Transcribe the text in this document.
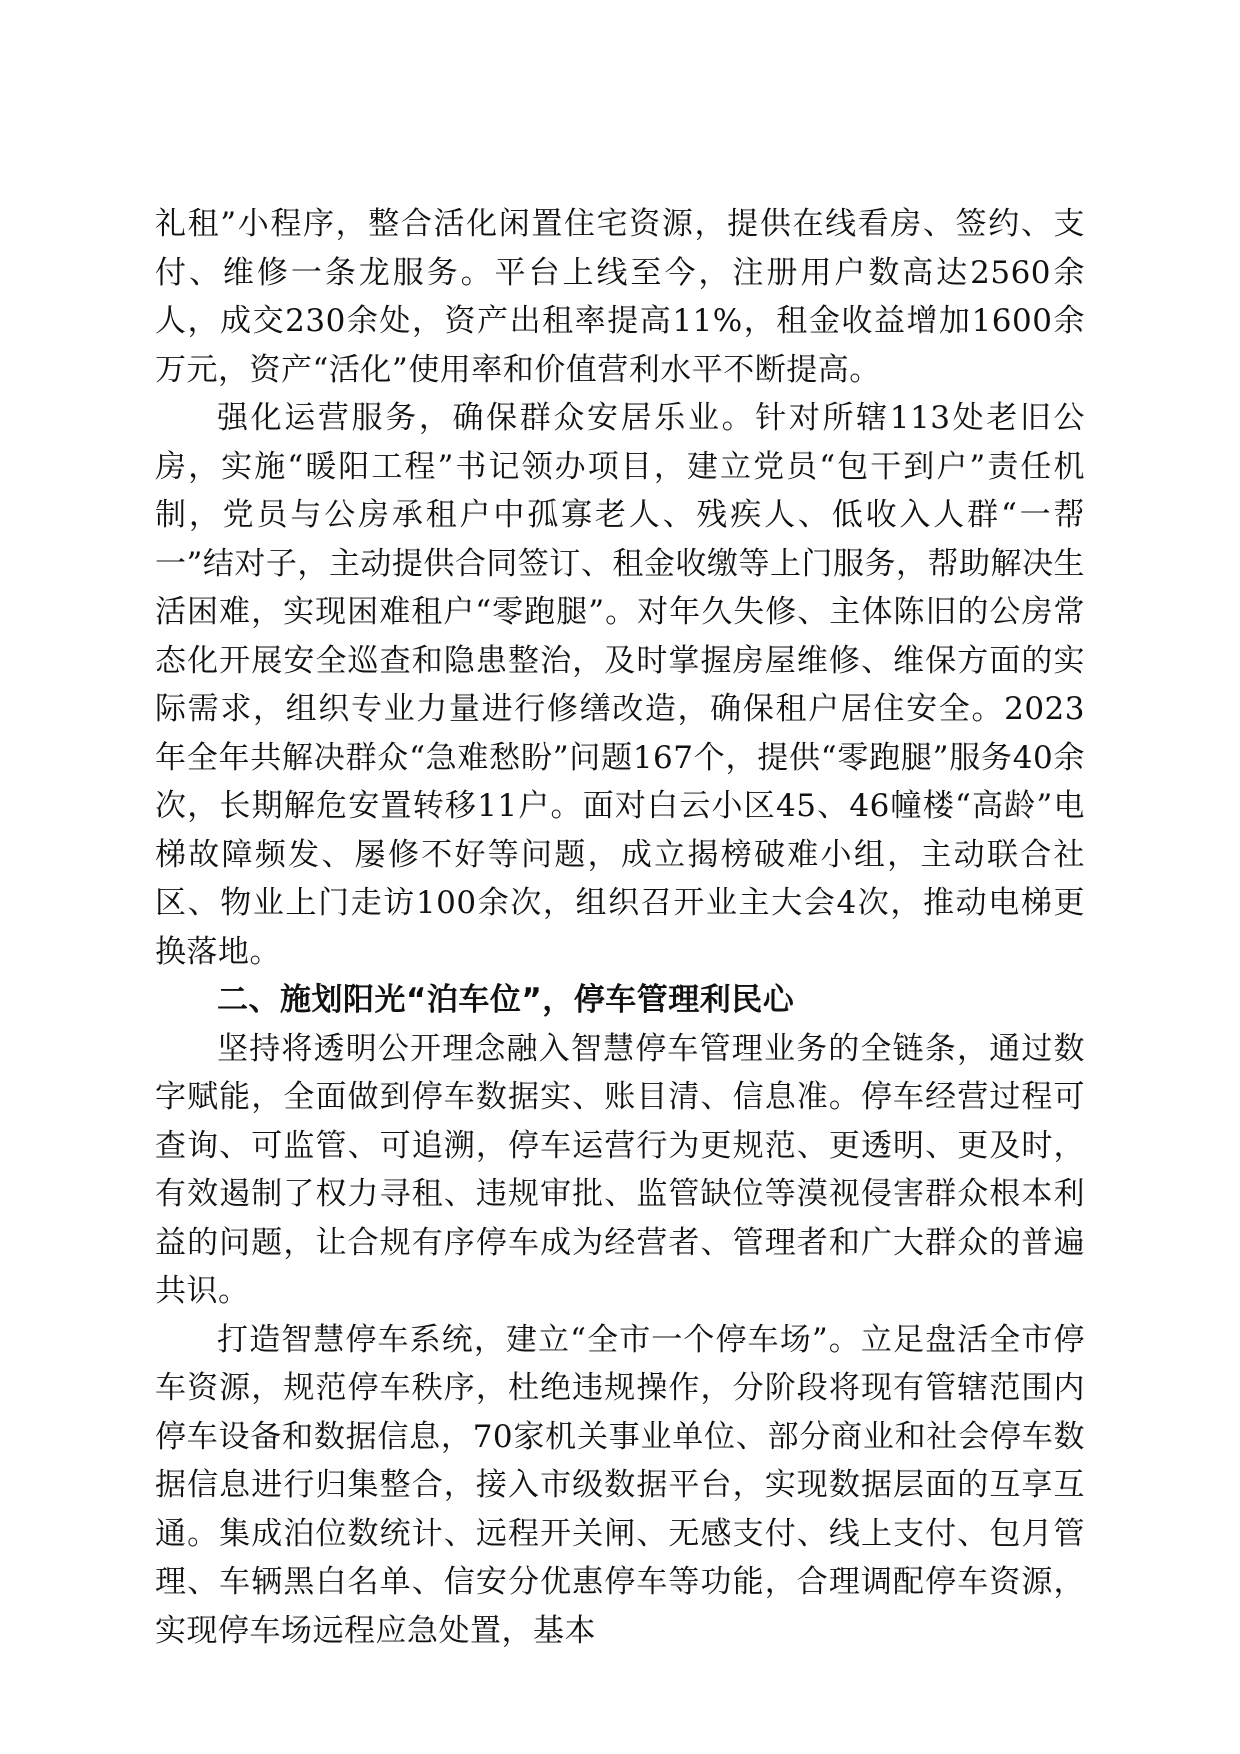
礼租”小程序，整合活化闲置住宅资源，提供在线看房、签约、支付、维修一条龙服务。平台上线至今，注册用户数高达2560余人，成交230余处，资产出租率提高11%，租金收益增加1600余万元，资产“活化”使用率和价值营利水平不断提高。

强化运营服务，确保群众安居乐业。针对所辖113处老旧公房，实施“暖阳工程”书记领办项目，建立党员“包干到户”责任机制，党员与公房承租户中孤寡老人、残疾人、低收入人群“一帮一”结对子，主动提供合同签订、租金收缴等上门服务，帮助解决生活困难，实现困难租户“零跑腿”。对年久失修、主体陈旧的公房常态化开展安全巡查和隐患整治，及时掌握房屋维修、维保方面的实际需求，组织专业力量进行修缮改造，确保租户居住安全。2023年全年共解决群众“急难愁盼”问题167个，提供“零跑腿”服务40余次，长期解危安置转移11户。面对白云小区45、46幢楼“高龄”电梯故障频发、屡修不好等问题，成立揭榜破难小组，主动联合社区、物业上门走访100余次，组织召开业主大会4次，推动电梯更换落地。

二、施划阳光“泊车位”，停车管理利民心

坚持将透明公开理念融入智慧停车管理业务的全链条，通过数字赋能，全面做到停车数据实、账目清、信息准。停车经营过程可查询、可监管、可追溯，停车运营行为更规范、更透明、更及时，有效遏制了权力寻租、违规审批、监管缺位等漠视侵害群众根本利益的问题，让合规有序停车成为经营者、管理者和广大群众的普遍共识。

打造智慧停车系统，建立“全市一个停车场”。立足盘活全市停车资源，规范停车秩序，杜绝违规操作，分阶段将现有管辖范围内停车设备和数据信息，70家机关事业单位、部分商业和社会停车数据信息进行归集整合，接入市级数据平台，实现数据层面的互享互通。集成泊位数统计、远程开关闸、无感支付、线上支付、包月管理、车辆黑白名单、信安分优惠停车等功能，合理调配停车资源，实现停车场远程应急处置，基本
